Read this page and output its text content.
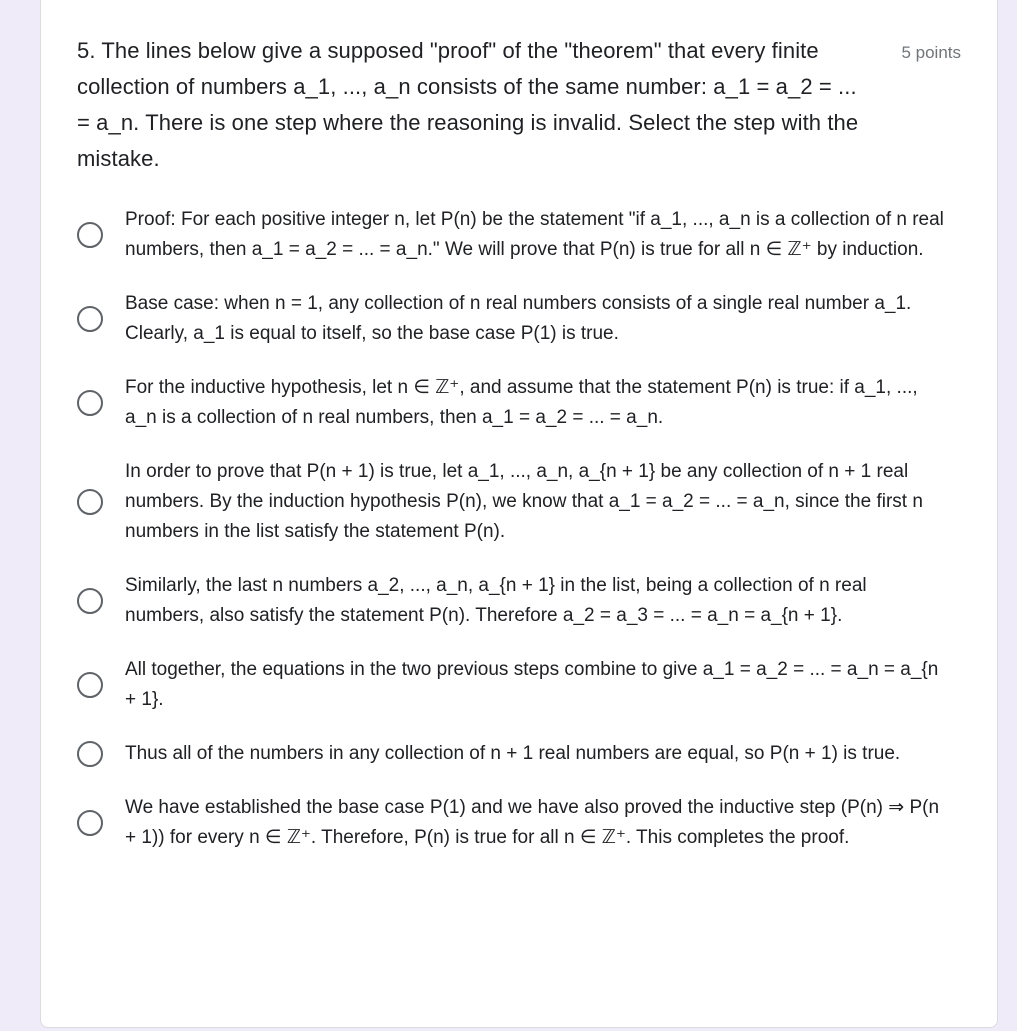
5. The lines below give a supposed "proof" of the "theorem" that every finite collection of numbers a_1, ..., a_n consists of the same number: a_1 = a_2 = ... = a_n. There is one step where the reasoning is invalid. Select the step with the mistake.
5 points
Proof: For each positive integer n, let P(n) be the statement "if a_1, ..., a_n is a collection of n real numbers, then a_1 = a_2 = ... = a_n." We will prove that P(n) is true for all n ∈ ℤ⁺ by induction.
Base case: when n = 1, any collection of n real numbers consists of a single real number a_1. Clearly, a_1 is equal to itself, so the base case P(1) is true.
For the inductive hypothesis, let n ∈ ℤ⁺, and assume that the statement P(n) is true: if a_1, ..., a_n is a collection of n real numbers, then a_1 = a_2 = ... = a_n.
In order to prove that P(n + 1) is true, let a_1, ..., a_n, a_{n + 1} be any collection of n + 1 real numbers. By the induction hypothesis P(n), we know that a_1 = a_2 = ... = a_n, since the first n numbers in the list satisfy the statement P(n).
Similarly, the last n numbers a_2, ..., a_n, a_{n + 1} in the list, being a collection of n real numbers, also satisfy the statement P(n). Therefore a_2 = a_3 = ... = a_n = a_{n + 1}.
All together, the equations in the two previous steps combine to give a_1 = a_2 = ... = a_n = a_{n + 1}.
Thus all of the numbers in any collection of n + 1 real numbers are equal, so P(n + 1) is true.
We have established the base case P(1) and we have also proved the inductive step (P(n) ⇒ P(n + 1)) for every n ∈ ℤ⁺. Therefore, P(n) is true for all n ∈ ℤ⁺. This completes the proof.
